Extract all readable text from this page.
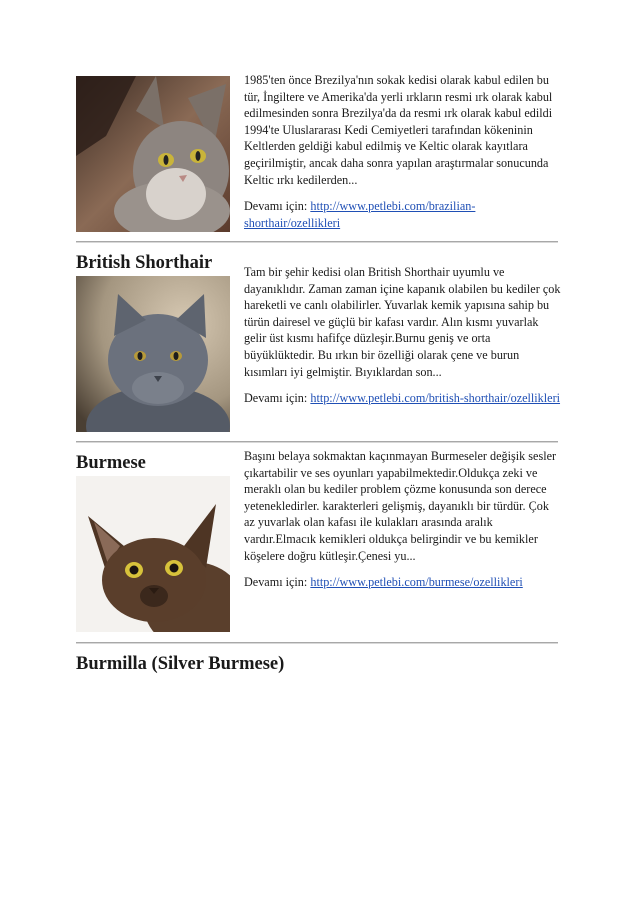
1985'ten önce Brezilya'nın sokak kedisi olarak kabul edilen bu tür, İngiltere ve Amerika'da yerli ırkların resmi ırk olarak kabul edilmesinden sonra Brezilya'da da resmi ırk olarak kabul edildi 1994'te Uluslararası Kedi Cemiyetleri tarafından kökeninin Keltlerden geldiği kabul edilmiş ve Keltic olarak kayıtlara geçirilmiştir, ancak daha sonra yapılan araştırmalar sonucunda Keltic ırkı kedilerden...

Devamı için: http://www.petlebi.com/brazilian-shorthair/ozellikleri

British Shorthair	Tam bir şehir kedisi olan British Shorthair uyumlu ve dayanıklıdır. Zaman zaman içine kapanık olabilen bu kediler çok hareketli ve canlı olabilirler. Yuvarlak kemik yapısına sahip bu türün dairesel ve güçlü bir kafası vardır. Alın kısmı yuvarlak gelir üst kısmı hafifçe düzleşir.Burnu geniş ve orta büyüklüktedir. Bu ırkın bir özelliği olarak çene ve burun kısımları iyi gelmiştir. Bıyıklardan son...

Devamı için: http://www.petlebi.com/british-shorthair/ozellikleri

Burmese	Başını belaya sokmaktan kaçınmayan Burmeseler değişik sesler çıkartabilir ve ses oyunları yapabilmektedir.Oldukça zeki ve meraklı olan bu kediler problem çözme konusunda son derece yetenekledirler. karakterleri gelişmiş, dayanıklı bir türdür. Çok az yuvarlak olan kafası ile kulakları arasında aralık vardır.Elmacık kemikleri oldukça belirgindir ve bu kemikler köşelere doğru kütleşir.Çenesi yu...

Devamı için: http://www.petlebi.com/burmese/ozellikleri

Burmilla (Silver Burmese)
